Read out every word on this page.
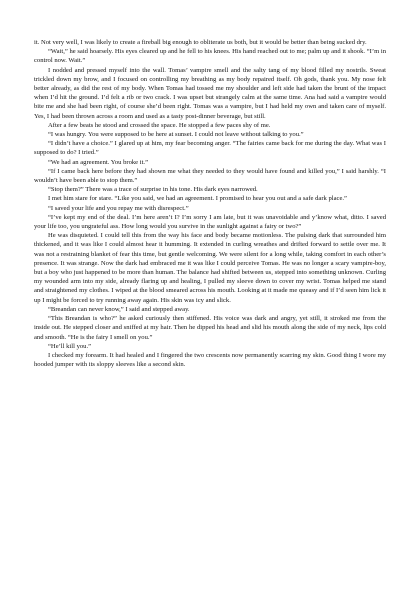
it. Not very well, I was likely to create a fireball big enough to obliterate us both, but it would be better than being sucked dry.

“Wait,” he said hoarsely. His eyes cleared up and he fell to his knees. His hand reached out to me; palm up and it shook. “I’m in control now. Wait.”

I nodded and pressed myself into the wall. Tomas’ vampire smell and the salty tang of my blood filled my nostrils. Sweat trickled down my brow, and I focused on controlling my breathing as my body repaired itself. Oh gods, thank you. My nose felt better already, as did the rest of my body. When Tomas had tossed me my shoulder and left side had taken the brunt of the impact when I’d hit the ground. I’d felt a rib or two crack. I was upset but strangely calm at the same time. Ana had said a vampire would bite me and she had been right, of course she’d been right. Tomas was a vampire, but I had held my own and taken care of myself. Yes, I had been thrown across a room and used as a tasty post-dinner beverage, but still.

After a few beats he stood and crossed the space. He stopped a few paces shy of me.

“I was hungry. You were supposed to be here at sunset. I could not leave without talking to you.”

“I didn’t have a choice.” I glared up at him, my fear becoming anger. “The fairies came back for me during the day. What was I supposed to do? I tried.”

“We had an agreement. You broke it.”

“If I came back here before they had shown me what they needed to they would have found and killed you,” I said harshly. “I wouldn’t have been able to stop them.”

“Stop them?” There was a trace of surprise in his tone. His dark eyes narrowed.

I met him stare for stare. “Like you said, we had an agreement. I promised to hear you out and a safe dark place.”

“I saved your life and you repay me with disrespect.”

“I’ve kept my end of the deal. I’m here aren’t I? I’m sorry I am late, but it was unavoidable and y’know what, ditto. I saved your life too, you ungrateful ass. How long would you survive in the sunlight against a fairy or two?”

He was disquieted. I could tell this from the way his face and body became motionless. The pulsing dark that surrounded him thickened, and it was like I could almost hear it humming. It extended in curling wreathes and drifted forward to settle over me. It was not a restraining blanket of fear this time, but gentle welcoming. We were silent for a long while, taking comfort in each other’s presence. It was strange. Now the dark had embraced me it was like I could perceive Tomas. He was no longer a scary vampire-boy, but a boy who just happened to be more than human. The balance had shifted between us, stepped into something unknown. Curling my wounded arm into my side, already flaring up and healing, I pulled my sleeve down to cover my wrist. Tomas helped me stand and straightened my clothes. I wiped at the blood smeared across his mouth. Looking at it made me queasy and if I’d seen him lick it up I might be forced to try running away again. His skin was icy and slick.

“Breandan can never know,” I said and stepped away.

“This Breandan is who?” he asked curiously then stiffened. His voice was dark and angry, yet still, it stroked me from the inside out. He stepped closer and sniffed at my hair. Then he dipped his head and slid his mouth along the side of my neck, lips cold and smooth. “He is the fairy I smell on you.”

“He’ll kill you.”

I checked my forearm. It had healed and I fingered the two crescents now permanently scarring my skin. Good thing I wore my hooded jumper with its sloppy sleeves like a second skin.
